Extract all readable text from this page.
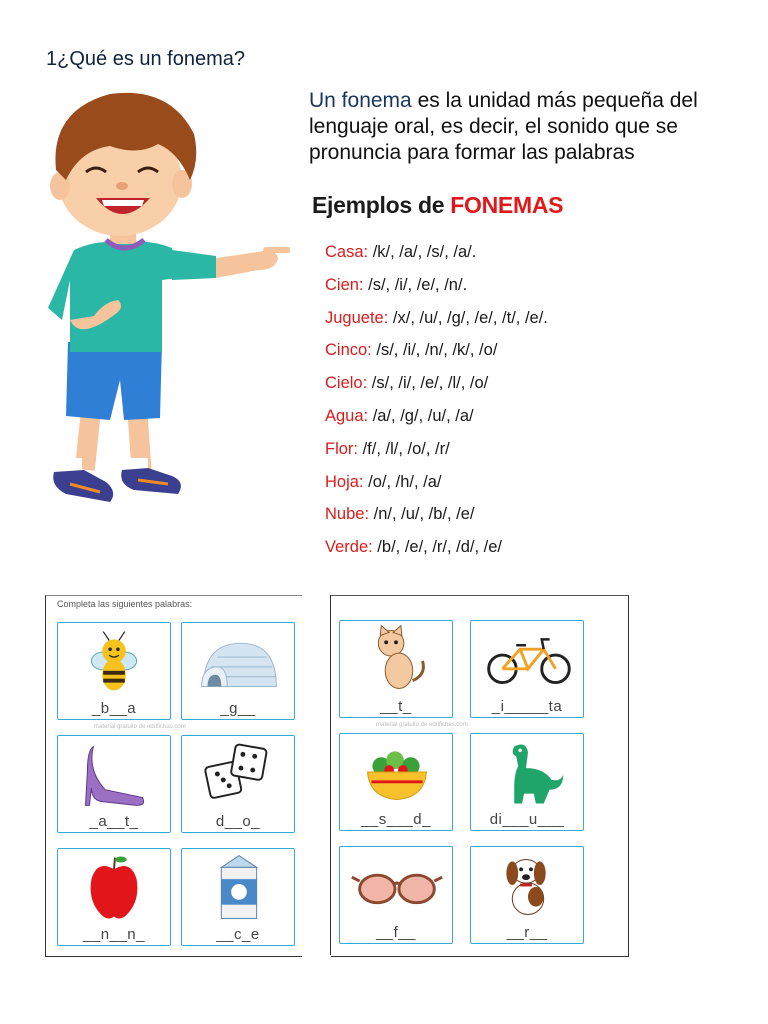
1¿Qué es un fonema?
Un fonema es la unidad más pequeña del lenguaje oral, es decir, el sonido que se pronuncia para formar las palabras
Ejemplos de FONEMAS
Casa: /k/, /a/, /s/, /a/.
Cien: /s/, /i/, /e/, /n/.
Juguete: /x/, /u/, /g/, /e/, /t/, /e/.
Cinco: /s/, /i/, /n/, /k/, /o/
Cielo: /s/, /i/, /e/, /l/, /o/
Agua: /a/, /g/, /u/, /a/
Flor: /f/, /l/, /o/, /r/
Hoja: /o/, /h/, /a/
Nube: /n/, /u/, /b/, /e/
Verde: /b/, /e/, /r/, /d/, /e/
Completa las siguientes palabras:
_b__a	_g__
_a__t_	d__o_
__n__n_	__c_e
__t_	_i_____ta
__s___d_	di___u___
__f__	__r__
material gratuito de edufichas.com	material gratuito de edufichas.com
